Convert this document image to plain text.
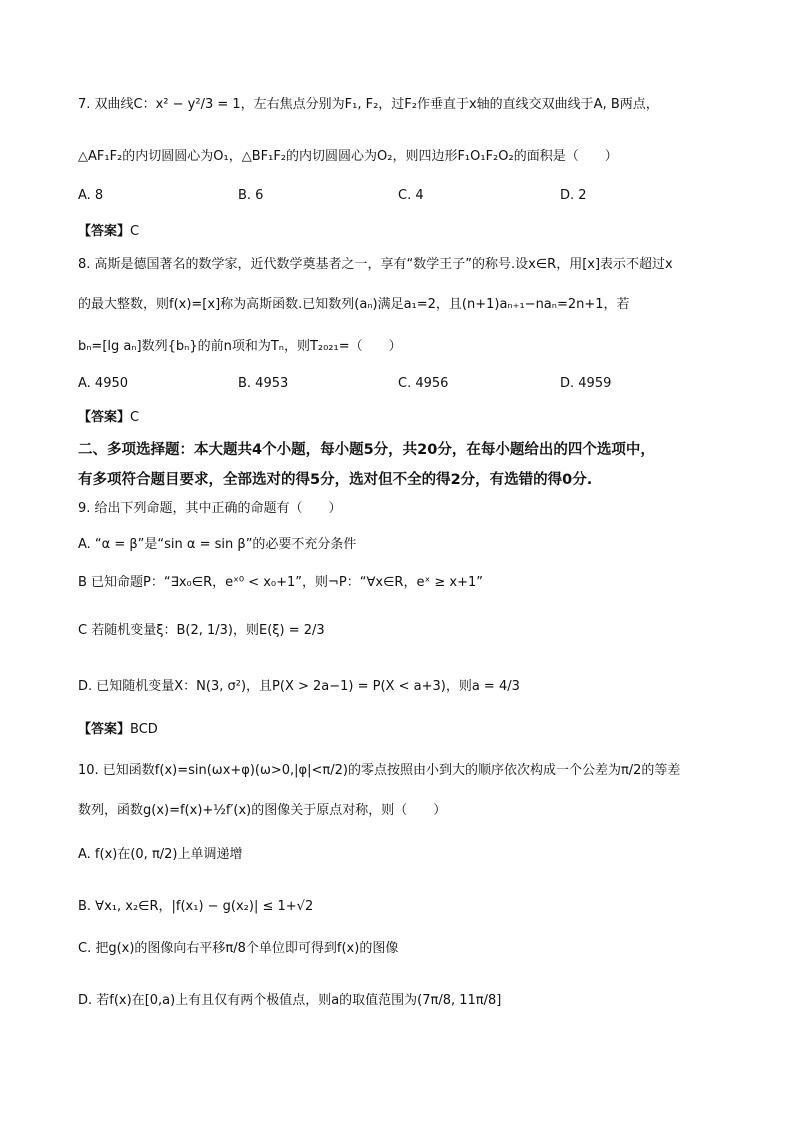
7. 双曲线C：x² − y²/3 = 1，左右焦点分别为F₁, F₂，过F₂作垂直于x轴的直线交双曲线于A, B两点，
△AF₁F₂的内切圆圆心为O₁，△BF₁F₂的内切圆圆心为O₂，则四边形F₁O₁F₂O₂的面积是（　　）
A. 8	B. 6	C. 4	D. 2
【答案】C
8. 高斯是德国著名的数学家，近代数学奠基者之一，享有“数学王子”的称号.设x∈R，用[x]表示不超过x
的最大整数，则f(x)=[x]称为高斯函数.已知数列(aₙ)满足a₁=2，且(n+1)aₙ₊₁−naₙ=2n+1，若
bₙ=[lg aₙ]数列{bₙ}的前n项和为Tₙ，则T₂₀₂₁=（　　）
A. 4950	B. 4953	C. 4956	D. 4959
【答案】C
二、多项选择题：本大题共4个小题，每小题5分，共20分，在每小题给出的四个选项中，
有多项符合题目要求，全部选对的得5分，选对但不全的得2分，有选错的得0分.
9. 给出下列命题，其中正确的命题有（　　）
A. “α = β”是“sin α = sin β”的必要不充分条件
B 已知命题P：“∃x₀∈R，eˣ⁰ < x₀+1”，则¬P：“∀x∈R，eˣ ≥ x+1”
C 若随机变量ξ：B(2, 1/3)，则E(ξ) = 2/3
D. 已知随机变量X：N(3, σ²)，且P(X > 2a−1) = P(X < a+3)，则a = 4/3
【答案】BCD
10. 已知函数f(x)=sin(ωx+φ)(ω>0,|φ|<π/2)的零点按照由小到大的顺序依次构成一个公差为π/2的等差
数列，函数g(x)=f(x)+½f′(x)的图像关于原点对称，则（　　）
A. f(x)在(0, π/2)上单调递增
B. ∀x₁, x₂∈R，|f(x₁) − g(x₂)| ≤ 1+√2
C. 把g(x)的图像向右平移π/8个单位即可得到f(x)的图像
D. 若f(x)在[0,a)上有且仅有两个极值点，则a的取值范围为(7π/8, 11π/8]
